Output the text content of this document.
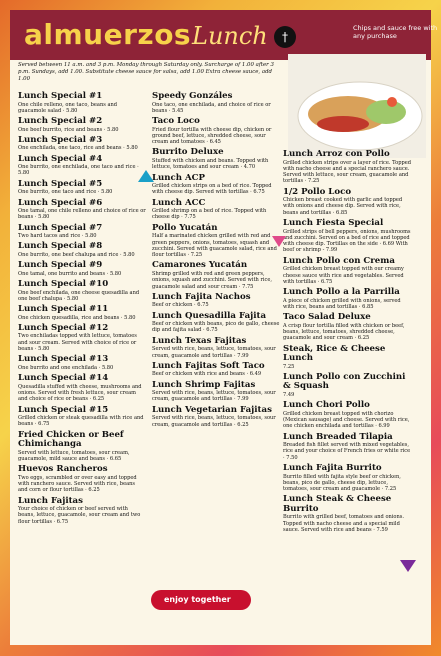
almuerzos Lunch	†
Chips and sauce free with any purchase
Served between 11 a.m. and 3 p.m. Monday through Saturday only. Surcharge of 1.00 after 3 p.m. Sundays, add 1.00. Substitute cheese sauce for salsa, add 1.00 Extra cheese sauce, add 1.00
Lunch Special #1
One chile relleno, one taco, beans and guacamole salad · 5.80
Lunch Special #2
One beef burrito, rice and beans · 5.80
Lunch Special #3
One enchilada, one taco, rice and beans · 5.80
Lunch Special #4
One burrito, one enchilada, one taco and rice · 5.80
Lunch Special #5
One burrito, one taco and rice · 5.80
Lunch Special #6
One tamal, one chile relleno and choice of rice or beans · 5.80
Lunch Special #7
Two hard tacos and rice · 5.80
Lunch Special #8
One burrito, one beef chalupa and rice · 5.80
Lunch Special #9
One tamal, one burrito and beans · 5.80
Lunch Special #10
One beef enchilada, one cheese quesadilla and one beef chalupa · 5.80
Lunch Special #11
One chicken quesadilla, rice and beans · 5.80
Lunch Special #12
Two enchiladas topped with lettuce, tomatoes and sour cream. Served with choice of rice or beans · 5.80
Lunch Special #13
One burrito and one enchilada · 5.80
Lunch Special #14
Quesadilla stuffed with cheese, mushrooms and onions. Served with fresh lettuce, sour cream and choice of rice or beans · 6.25
Lunch Special #15
Grilled chicken or steak quesadilla with rice and beans · 6.75
Fried Chicken or Beef Chimichanga
Served with lettuce, tomatoes, sour cream, guacamole, mild sauce and beans · 6.65
Huevos Rancheros
Two eggs, scrambled or over easy and topped with ranchero sauce. Served with rice, beans and corn or flour tortillas · 6.25
Lunch Fajitas
Your choice of chicken or beef served with beans, lettuce, guacamole, sour cream and two flour tortillas · 6.75
Speedy Gonzáles
One taco, one enchilada, and choice of rice or beans · 5.45
Taco Loco
Fried flour tortilla with cheese dip, chicken or ground beef, lettuce, shredded cheese, sour cream and tomatoes · 6.45
Burrito Deluxe
Stuffed with chicken and beans. Topped with lettuce, tomatoes and sour cream · 4.70
Lunch ACP
Grilled chicken strips on a bed of rice. Topped with cheese dip. Served with tortillas · 6.75
Lunch ACC
Grilled shrimp on a bed of rice. Topped with cheese dip · 7.75
Pollo Yucatán
Half a marinated chicken grilled with red and green peppers, onions, tomatoes, squash and zucchini. Served with guacamole salad, rice and flour tortillas · 7.25
Camarones Yucatán
Shrimp grilled with red and green peppers, onions, squash and zucchini. Served with rice, guacamole salad and sour cream · 7.75
Lunch Fajita Nachos
Beef or chicken · 6.75
Lunch Quesadilla Fajita
Beef or chicken with beans, pico de gallo, cheese dip and fajita salad · 6.75
Lunch Texas Fajitas
Served with rice, beans, lettuce, tomatoes, sour cream, guacamole and tortillas · 7.99
Lunch Fajitas Soft Taco
Beef or chicken with rice and beans · 6.49
Lunch Shrimp Fajitas
Served with rice, beans, lettuce, tomatoes, sour cream, guacamole and tortillas · 7.99
Lunch Vegetarian Fajitas
Served with rice, beans, lettuce, tomatoes, sour cream, guacamole and tortillas · 6.25
Lunch Arroz con Pollo
Grilled chicken strips over a layer of rice. Topped with nacho cheese and a special ranchero sauce. Served with lettuce, sour cream, guacamole and tortillas · 7.25
1/2 Pollo Loco
Chicken breast cooked with garlic and topped with onions and cheese dip. Served with rice, beans and tortillas · 6.85
Lunch Fiesta Special
Grilled strips of bell peppers, onions, mushrooms and zucchini. Served on a bed of rice and topped with cheese dip. Tortillas on the side · 6.69 With beef or shrimp - 7.99
Lunch Pollo con Crema
Grilled chicken breast topped with our creamy cheese sauce with rice and vegetables. Served with tortillas · 6.75
Lunch Pollo a la Parrilla
A piece of chicken grilled with onions, served with rice, beans and tortillas · 6.85
Taco Salad Deluxe
A crisp flour tortilla filled with chicken or beef, beans, lettuce, tomatoes, shredded cheese, guacamole and sour cream · 6.25
Steak, Rice & Cheese Lunch
7.25
Lunch Pollo con Zucchini & Squash
7.49
Lunch Chori Pollo
Grilled chicken breast topped with chorizo (Mexican sausage) and cheese. Served with rice, one chicken enchilada and tortillas · 6.99
Lunch Breaded Tilapia
Breaded fish fillet served with mixed vegetables, rice and your choice of French fries or white rice · 7.50
Lunch Fajita Burrito
Burrito filled with fajita style beef or chicken, beans, pico de gallo, cheese dip, lettuce, tomatoes, sour cream and guacamole · 7.25
Lunch Steak & Cheese Burrito
Burrito with grilled beef, tomatoes and onions. Topped with nacho cheese and a special mild sauce. Served with rice and beans · 7.59
enjoy together
